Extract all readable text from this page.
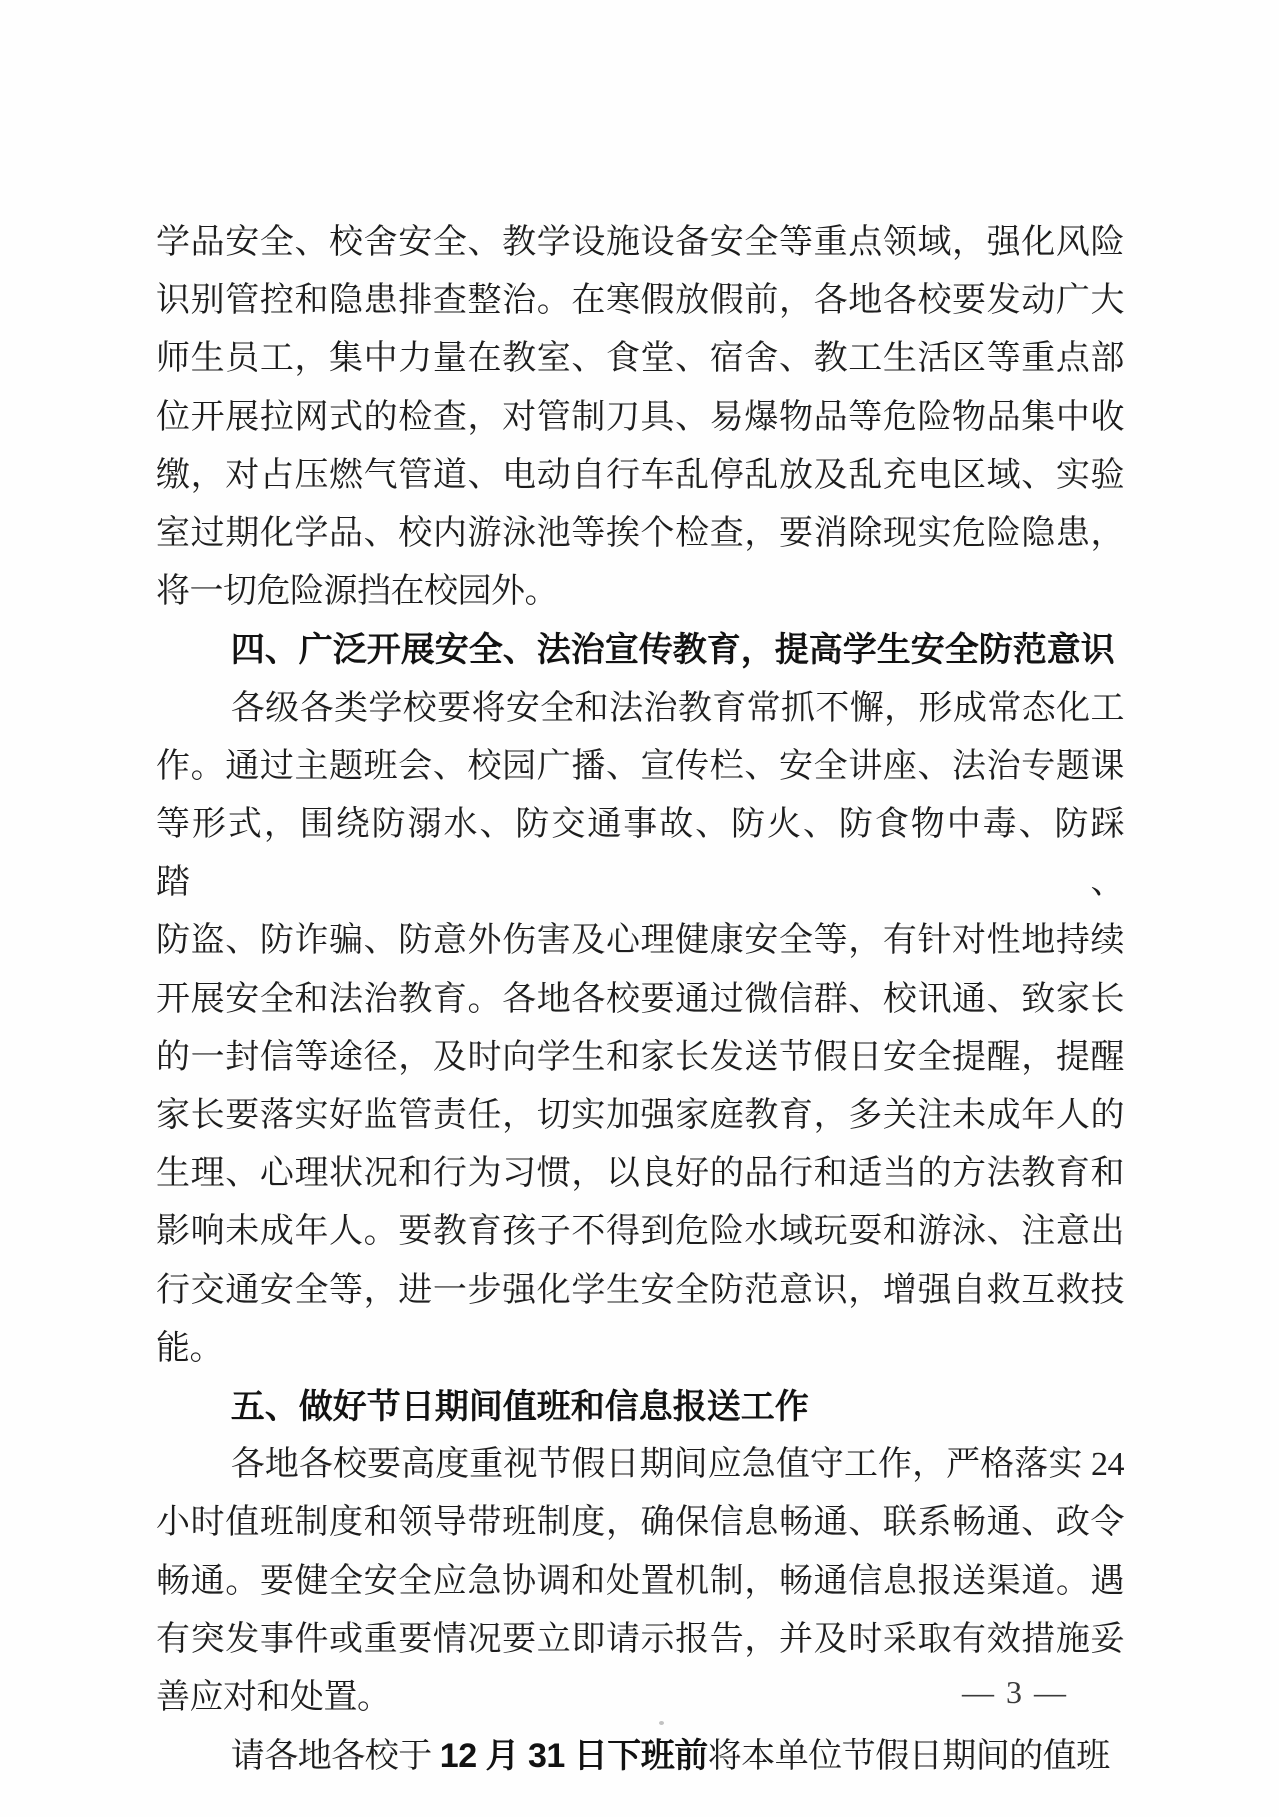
学品安全、校舍安全、教学设施设备安全等重点领域，强化风险
识别管控和隐患排查整治。在寒假放假前，各地各校要发动广大
师生员工，集中力量在教室、食堂、宿舍、教工生活区等重点部
位开展拉网式的检查，对管制刀具、易爆物品等危险物品集中收
缴，对占压燃气管道、电动自行车乱停乱放及乱充电区域、实验
室过期化学品、校内游泳池等挨个检查，要消除现实危险隐患，
将一切危险源挡在校园外。
四、广泛开展安全、法治宣传教育，提高学生安全防范意识
各级各类学校要将安全和法治教育常抓不懈，形成常态化工
作。通过主题班会、校园广播、宣传栏、安全讲座、法治专题课
等形式，围绕防溺水、防交通事故、防火、防食物中毒、防踩踏、
防盗、防诈骗、防意外伤害及心理健康安全等，有针对性地持续
开展安全和法治教育。各地各校要通过微信群、校讯通、致家长
的一封信等途径，及时向学生和家长发送节假日安全提醒，提醒
家长要落实好监管责任，切实加强家庭教育，多关注未成年人的
生理、心理状况和行为习惯，以良好的品行和适当的方法教育和
影响未成年人。要教育孩子不得到危险水域玩耍和游泳、注意出
行交通安全等，进一步强化学生安全防范意识，增强自救互救技能。
五、做好节日期间值班和信息报送工作
各地各校要高度重视节假日期间应急值守工作，严格落实 24
小时值班制度和领导带班制度，确保信息畅通、联系畅通、政令
畅通。要健全安全应急协调和处置机制，畅通信息报送渠道。遇
有突发事件或重要情况要立即请示报告，并及时采取有效措施妥
善应对和处置。
请各地各校于 12 月 31 日下班前将本单位节假日期间的值班
— 3 —
